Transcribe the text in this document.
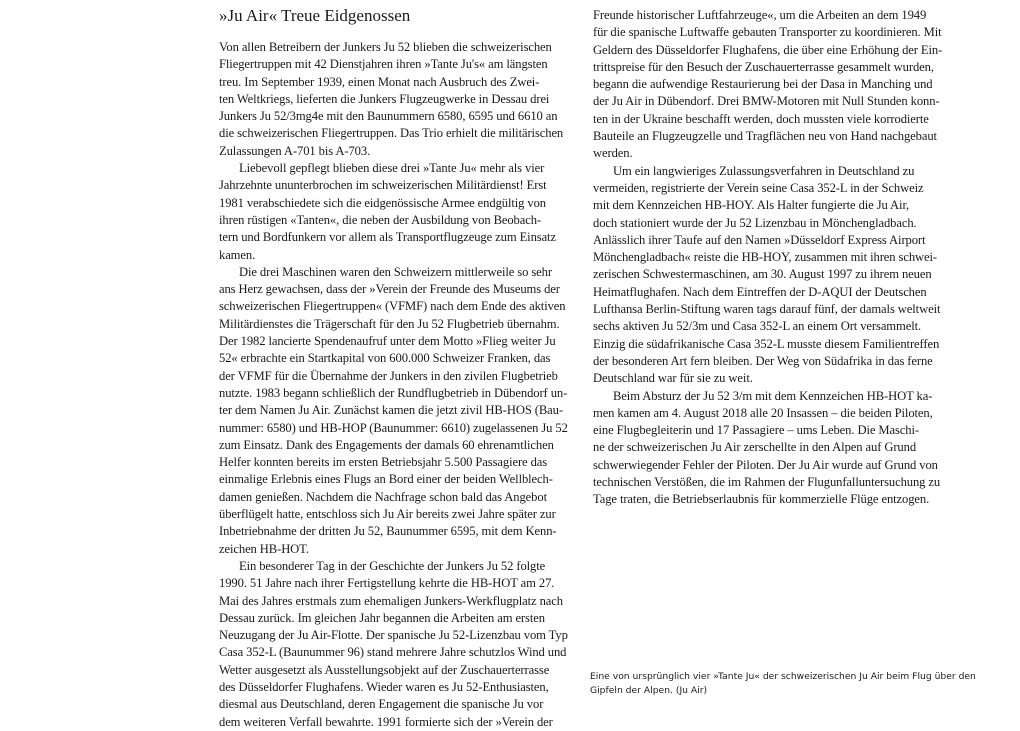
»Ju Air« Treue Eidgenossen
Von allen Betreibern der Junkers Ju 52 blieben die schweizerischen
Fliegertruppen mit 42 Dienstjahren ihren »Tante Ju's« am längsten
treu. Im September 1939, einen Monat nach Ausbruch des Zwei-
ten Weltkriegs, lieferten die Junkers Flugzeugwerke in Dessau drei
Junkers Ju 52/3mg4e mit den Baunummern 6580, 6595 und 6610 an
die schweizerischen Fliegertruppen. Das Trio erhielt die militärischen
Zulassungen A-701 bis A-703.
Liebevoll gepflegt blieben diese drei »Tante Ju« mehr als vier
Jahrzehnte ununterbrochen im schweizerischen Militärdienst! Erst
1981 verabschiedete sich die eidgenössische Armee endgültig von
ihren rüstigen «Tanten«, die neben der Ausbildung von Beobach-
tern und Bordfunkern vor allem als Transportflugzeuge zum Einsatz
kamen.
Die drei Maschinen waren den Schweizern mittlerweile so sehr
ans Herz gewachsen, dass der »Verein der Freunde des Museums der
schweizerischen Fliegertruppen« (VFMF) nach dem Ende des aktiven
Militärdienstes die Trägerschaft für den Ju 52 Flugbetrieb übernahm.
Der 1982 lancierte Spendenaufruf unter dem Motto »Flieg weiter Ju
52« erbrachte ein Startkapital von 600.000 Schweizer Franken, das
der VFMF für die Übernahme der Junkers in den zivilen Flugbetrieb
nutzte. 1983 begann schließlich der Rundflugbetrieb in Dübendorf un-
ter dem Namen Ju Air. Zunächst kamen die jetzt zivil HB-HOS (Bau-
nummer: 6580) und HB-HOP (Baunummer: 6610) zugelassenen Ju 52
zum Einsatz. Dank des Engagements der damals 60 ehrenamtlichen
Helfer konnten bereits im ersten Betriebsjahr 5.500 Passagiere das
einmalige Erlebnis eines Flugs an Bord einer der beiden Wellblech-
damen genießen. Nachdem die Nachfrage schon bald das Angebot
überflügelt hatte, entschloss sich Ju Air bereits zwei Jahre später zur
Inbetriebnahme der dritten Ju 52, Baunummer 6595, mit dem Kenn-
zeichen HB-HOT.
Ein besonderer Tag in der Geschichte der Junkers Ju 52 folgte
1990. 51 Jahre nach ihrer Fertigstellung kehrte die HB-HOT am 27.
Mai des Jahres erstmals zum ehemaligen Junkers-Werkflugplatz nach
Dessau zurück. Im gleichen Jahr begannen die Arbeiten am ersten
Neuzugang der Ju Air-Flotte. Der spanische Ju 52-Lizenzbau vom Typ
Casa 352-L (Baunummer 96) stand mehrere Jahre schutzlos Wind und
Wetter ausgesetzt als Ausstellungsobjekt auf der Zuschauerterrasse
des Düsseldorfer Flughafens. Wieder waren es Ju 52-Enthusiasten,
diesmal aus Deutschland, deren Engagement die spanische Ju vor
dem weiteren Verfall bewahrte. 1991 formierte sich der »Verein der
Freunde historischer Luftfahrzeuge«, um die Arbeiten an dem 1949
für die spanische Luftwaffe gebauten Transporter zu koordinieren. Mit
Geldern des Düsseldorfer Flughafens, die über eine Erhöhung der Ein-
trittspreise für den Besuch der Zuschauerterrasse gesammelt wurden,
begann die aufwendige Restaurierung bei der Dasa in Manching und
der Ju Air in Dübendorf. Drei BMW-Motoren mit Null Stunden konn-
ten in der Ukraine beschafft werden, doch mussten viele korrodierte
Bauteile an Flugzeugzelle und Tragflächen neu von Hand nachgebaut
werden.
Um ein langwieriges Zulassungsverfahren in Deutschland zu
vermeiden, registrierte der Verein seine Casa 352-L in der Schweiz
mit dem Kennzeichen HB-HOY. Als Halter fungierte die Ju Air,
doch stationiert wurde der Ju 52 Lizenzbau in Mönchengladbach.
Anlässlich ihrer Taufe auf den Namen »Düsseldorf Express Airport
Mönchengladbach« reiste die HB-HOY, zusammen mit ihren schwei-
zerischen Schwestermaschinen, am 30. August 1997 zu ihrem neuen
Heimatflughafen. Nach dem Eintreffen der D-AQUI der Deutschen
Lufthansa Berlin-Stiftung waren tags darauf fünf, der damals weltweit
sechs aktiven Ju 52/3m und Casa 352-L an einem Ort versammelt.
Einzig die südafrikanische Casa 352-L musste diesem Familientreffen
der besonderen Art fern bleiben. Der Weg von Südafrika in das ferne
Deutschland war für sie zu weit.
Beim Absturz der Ju 52 3/m mit dem Kennzeichen HB-HOT ka-
men kamen am 4. August 2018 alle 20 Insassen – die beiden Piloten,
eine Flugbegleiterin und 17 Passagiere – ums Leben. Die Maschi-
ne der schweizerischen Ju Air zerschellte in den Alpen auf Grund
schwerwiegender Fehler der Piloten. Der Ju Air wurde auf Grund von
technischen Verstößen, die im Rahmen der Flugunfalluntersuchung zu
Tage traten, die Betriebserlaubnis für kommerzielle Flüge entzogen.
Eine von ursprünglich vier »Tante Ju« der schweizerischen Ju Air beim Flug über den
Gipfeln der Alpen. (Ju Air)
